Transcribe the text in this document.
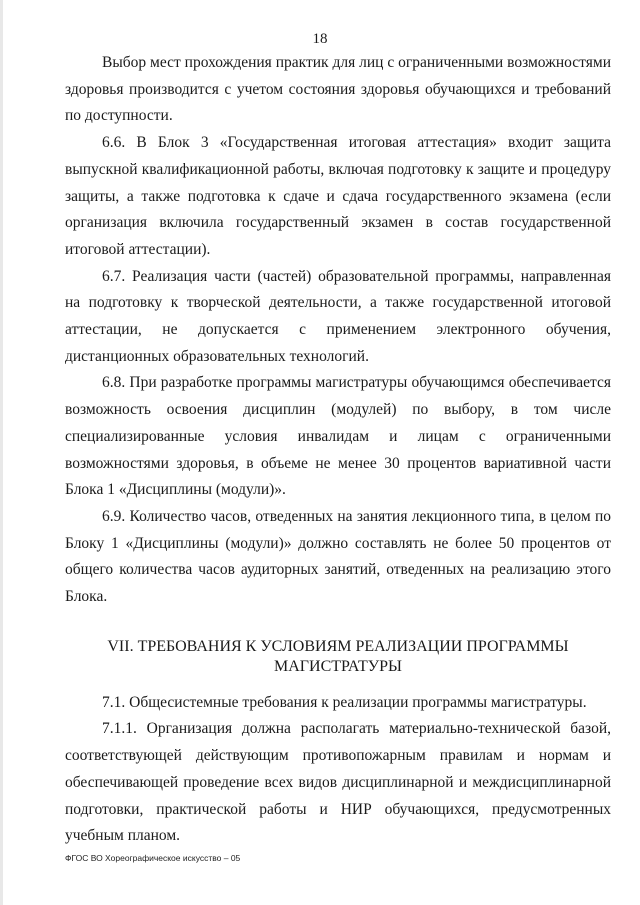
18

Выбор мест прохождения практик для лиц с ограниченными возможностями здоровья производится с учетом состояния здоровья обучающихся и требований по доступности.

6.6. В Блок 3 «Государственная итоговая аттестация» входит защита выпускной квалификационной работы, включая подготовку к защите и процедуру защиты, а также подготовка к сдаче и сдача государственного экзамена (если организация включила государственный экзамен в состав государственной итоговой аттестации).

6.7. Реализация части (частей) образовательной программы, направленная на подготовку к творческой деятельности, а также государственной итоговой аттестации, не допускается с применением электронного обучения, дистанционных образовательных технологий.

6.8. При разработке программы магистратуры обучающимся обеспечивается возможность освоения дисциплин (модулей) по выбору, в том числе специализированные условия инвалидам и лицам с ограниченными возможностями здоровья, в объеме не менее 30 процентов вариативной части Блока 1 «Дисциплины (модули)».

6.9. Количество часов, отведенных на занятия лекционного типа, в целом по Блоку 1 «Дисциплины (модули)» должно составлять не более 50 процентов от общего количества часов аудиторных занятий, отведенных на реализацию этого Блока.

VII. ТРЕБОВАНИЯ К УСЛОВИЯМ РЕАЛИЗАЦИИ ПРОГРАММЫ
МАГИСТРАТУРЫ

7.1. Общесистемные требования к реализации программы магистратуры.

7.1.1. Организация должна располагать материально-технической базой, соответствующей действующим противопожарным правилам и нормам и обеспечивающей проведение всех видов дисциплинарной и междисциплинарной подготовки, практической работы и НИР обучающихся, предусмотренных учебным планом.

ФГОС ВО Хореографическое искусство – 05
